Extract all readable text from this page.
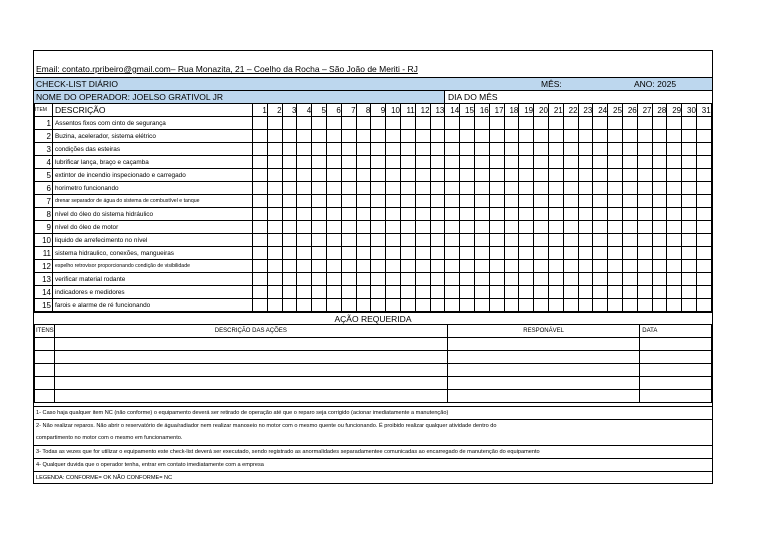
Email: contato.rpribeiro@gmail.com– Rua Monazita, 21 – Coelho da Rocha – São João de Meriti - RJ
CHECK-LIST DIÁRIO	MÊS:	ANO: 2025
NOME DO OPERADOR: JOELSO GRATIVOL JR	DIA DO MÊS
ITEM	DESCRIÇÃO	1	2	3	4	5	6	7	8	9	10	11	12	13	14	15	16	17	18	19	20	21	22	23	24	25	26	27	28	29	30	31
1	Assentos fixos com cinto de segurança																															
2	Buzina, acelerador, sistema elétrico																															
3	condições das esteiras																															
4	lubrificar lança, braço e caçamba																															
5	extintor de incendio inspecionado e carregado																															
6	horimetro funcionando																															
7	drenar separador de água do sistema de combustível e tanque																															
8	nível do óleo do sistema hidráulico																															
9	nível do óleo de motor																															
10	liquido de arrefecimento no nível																															
11	sistema hidraulico, conexões, mangueiras																															
12	espelho retrovisor proporcionando condição de visibilidade																															
13	verificar material rodante																															
14	indicadores e medidores																															
15	farois e alarme de ré funcionando																															
AÇÃO REQUERIDA
ITENS	DESCRIÇÃO DAS AÇÕES	RESPONÁVEL	DATA

1- Caso haja qualquer item NC (não conforme) o equipamento deverá ser retirado de operação até que o reparo seja corrigido (acionar imediatamente a manutenção)
2- Não realizar reparos. Não abrir o reservatório de água/radiador nem realizar manoseio no motor com o mesmo quente ou funcionando. É proibido realizar qualquer atividade dentro do
compartimento no motor com o mesmo em funcionamento.
3- Todas as vezes que for utilizar o equipamento este check-list deverá ser executado, sendo registrado as anormalidades separadamentee comunicadas ao encarregado de manutenção do equipamento
4- Qualquer duvida que o operador tenha, entrar em contato imediatamente com a empresa
LEGENDA: CONFORME= OK NÃO CONFORME= NC
